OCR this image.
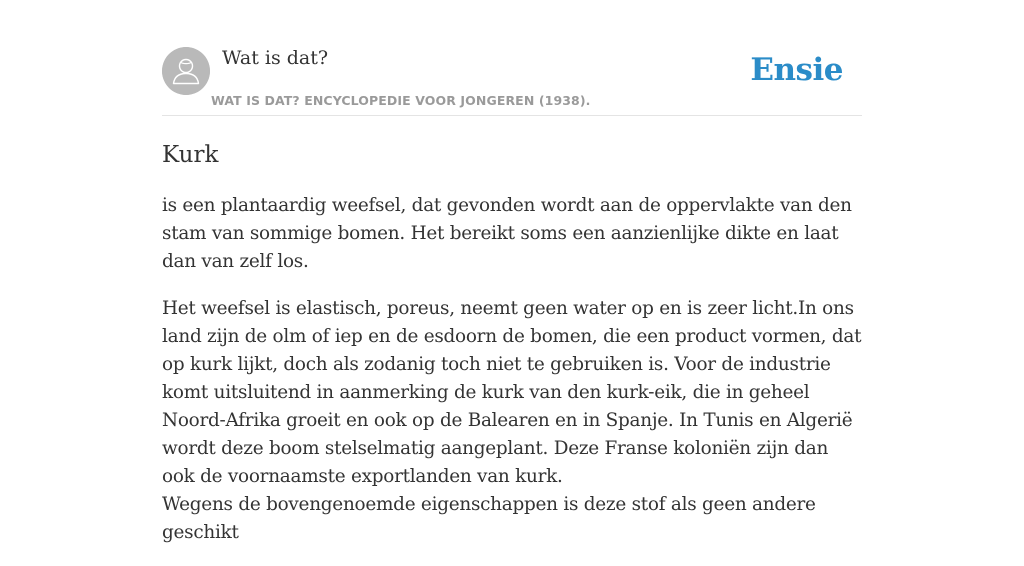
Wat is dat?
WAT IS DAT? ENCYCLOPEDIE VOOR JONGEREN (1938).
Ensie
Kurk

is een plantaardig weefsel, dat gevonden wordt aan de oppervlakte van den stam van sommige bomen. Het bereikt soms een aanzienlijke dikte en laat dan van zelf los.

Het weefsel is elastisch, poreus, neemt geen water op en is zeer licht.In ons land zijn de olm of iep en de esdoorn de bomen, die een product vormen, dat op kurk lijkt, doch als zodanig toch niet te gebruiken is. Voor de industrie komt uitsluitend in aanmerking de kurk van den kurk-eik, die in geheel Noord-Afrika groeit en ook op de Balearen en in Spanje. In Tunis en Algerië wordt deze boom stelselmatig aangeplant. Deze Franse koloniën zijn dan ook de voornaamste exportlanden van kurk.
Wegens de bovengenoemde eigenschappen is deze stof als geen andere geschikt
